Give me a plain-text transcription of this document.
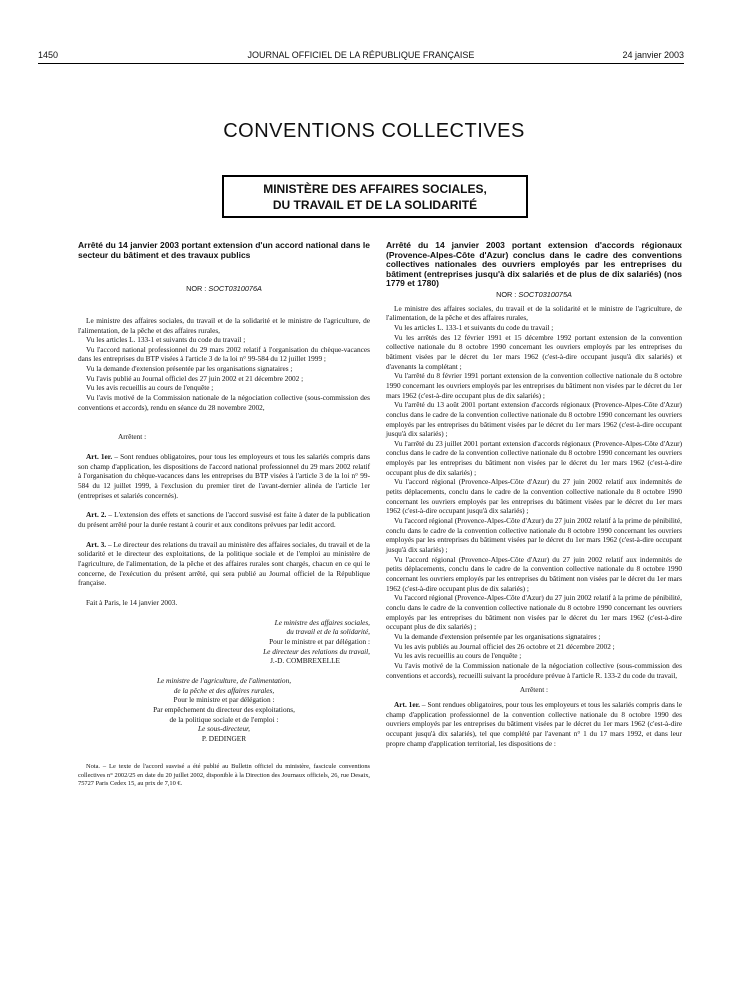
1450	JOURNAL OFFICIEL DE LA RÉPUBLIQUE FRANÇAISE	24 janvier 2003
CONVENTIONS COLLECTIVES
MINISTÈRE DES AFFAIRES SOCIALES,
DU TRAVAIL ET DE LA SOLIDARITÉ
Arrêté du 14 janvier 2003 portant extension d'un accord national dans le secteur du bâtiment et des travaux publics
NOR : SOCT0310076A

Le ministre des affaires sociales, du travail et de la solidarité et le ministre de l'agriculture, de l'alimentation, de la pêche et des affaires rurales,

Vu les articles L. 133-1 et suivants du code du travail ;

Vu l'accord national professionnel du 29 mars 2002 relatif à l'organisation du chèque-vacances dans les entreprises du BTP visées à l'article 3 de la loi n° 99-584 du 12 juillet 1999 ;

Vu la demande d'extension présentée par les organisations signataires ;

Vu l'avis publié au Journal officiel des 27 juin 2002 et 21 décembre 2002 ;

Vu les avis recueillis au cours de l'enquête ;

Vu l'avis motivé de la Commission nationale de la négociation collective (sous-commission des conventions et accords), rendu en séance du 28 novembre 2002,

Arrêtent :

Art. 1er. – Sont rendues obligatoires, pour tous les employeurs et tous les salariés compris dans son champ d'application, les dispositions de l'accord national professionnel du 29 mars 2002 relatif à l'organisation du chèque-vacances dans les entreprises du BTP visées à l'article 3 de la loi n° 99-584 du 12 juillet 1999, à l'exclusion du premier tiret de l'avant-dernier alinéa de l'article 1er (entreprises et salariés concernés).

Art. 2. – L'extension des effets et sanctions de l'accord susvisé est faite à dater de la publication du présent arrêté pour la durée restant à courir et aux conditons prévues par ledit accord.

Art. 3. – Le directeur des relations du travail au ministère des affaires sociales, du travail et de la solidarité et le directeur des exploitations, de la politique sociale et de l'emploi au ministère de l'agriculture, de l'alimentation, de la pêche et des affaires rurales sont chargés, chacun en ce qui le concerne, de l'exécution du présent arrêté, qui sera publié au Journal officiel de la République française.

Fait à Paris, le 14 janvier 2003.

Le ministre des affaires sociales,

du travail et de la solidarité,

Pour le ministre et par délégation :

Le directeur des relations du travail,

J.-D. COMBREXELLE

Le ministre de l'agriculture, de l'alimentation,

de la pêche et des affaires rurales,

Pour le ministre et par délégation :

Par empêchement du directeur des exploitations,

de la politique sociale et de l'emploi :

Le sous-directeur,

P. DEDINGER

Nota. – Le texte de l'accord susvisé a été publié au Bulletin officiel du ministère, fascicule conventions collectives n° 2002/25 en date du 20 juillet 2002, disponible à la Direction des Journaux officiels, 26, rue Desaix, 75727 Paris Cedex 15, au prix de 7,10 €.

Arrêté du 14 janvier 2003 portant extension d'accords régionaux (Provence-Alpes-Côte d'Azur) conclus dans le cadre des conventions collectives nationales des ouvriers employés par les entreprises du bâtiment (entreprises jusqu'à dix salariés et de plus de dix salariés) (nos 1779 et 1780)
NOR : SOCT0310075A

Le ministre des affaires sociales, du travail et de la solidarité et le ministre de l'agriculture, de l'alimentation, de la pêche et des affaires rurales,

Vu les articles L. 133-1 et suivants du code du travail ;

Vu les arrêtés des 12 février 1991 et 15 décembre 1992 portant extension de la convention collective nationale du 8 octobre 1990 concernant les ouvriers employés par les entreprises du bâtiment visées par le décret du 1er mars 1962 (c'est-à-dire occupant jusqu'à dix salariés) et d'avenants la complétant ;

Vu l'arrêté du 8 février 1991 portant extension de la convention collective nationale du 8 octobre 1990 concernant les ouvriers employés par les entreprises du bâtiment non visées par le décret du 1er mars 1962 (c'est-à-dire occupant plus de dix salariés) ;

Vu l'arrêté du 13 août 2001 portant extension d'accords régionaux (Provence-Alpes-Côte d'Azur) conclus dans le cadre de la convention collective nationale du 8 octobre 1990 concernant les ouvriers employés par les entreprises du bâtiment visées par le décret du 1er mars 1962 (c'est-à-dire occupant jusqu'à dix salariés) ;

Vu l'arrêté du 23 juillet 2001 portant extension d'accords régionaux (Provence-Alpes-Côte d'Azur) conclus dans le cadre de la convention collective nationale du 8 octobre 1990 concernant les ouvriers employés par les entreprises du bâtiment non visées par le décret du 1er mars 1962 (c'est-à-dire occupant plus de dix salariés) ;

Vu l'accord régional (Provence-Alpes-Côte d'Azur) du 27 juin 2002 relatif aux indemnités de petits déplacements, conclu dans le cadre de la convention collective nationale du 8 octobre 1990 concernant les ouvriers employés par les entreprises du bâtiment visées par le décret du 1er mars 1962 (c'est-à-dire occupant jusqu'à dix salariés) ;

Vu l'accord régional (Provence-Alpes-Côte d'Azur) du 27 juin 2002 relatif à la prime de pénibilité, conclu dans le cadre de la convention collective nationale du 8 octobre 1990 concernant les ouvriers employés par les entreprises du bâtiment visées par le décret du 1er mars 1962 (c'est-à-dire occupant jusqu'à dix salariés) ;

Vu l'accord régional (Provence-Alpes-Côte d'Azur) du 27 juin 2002 relatif aux indemnités de petits déplacements, conclu dans le cadre de la convention collective nationale du 8 octobre 1990 concernant les ouvriers employés par les entreprises du bâtiment non visées par le décret du 1er mars 1962 (c'est-à-dire occupant plus de dix salariés) ;

Vu l'accord régional (Provence-Alpes-Côte d'Azur) du 27 juin 2002 relatif à la prime de pénibilité, conclu dans le cadre de la convention collective nationale du 8 octobre 1990 concernant les ouvriers employés par les entreprises du bâtiment non visées par le décret du 1er mars 1962 (c'est-à-dire occupant plus de dix salariés) ;

Vu la demande d'extension présentée par les organisations signataires ;

Vu les avis publiés au Journal officiel des 26 octobre et 21 décembre 2002 ;

Vu les avis recueillis au cours de l'enquête ;

Vu l'avis motivé de la Commission nationale de la négociation collective (sous-commission des conventions et accords), recueilli suivant la procédure prévue à l'article R. 133-2 du code du travail,

Arrêtent :

Art. 1er. – Sont rendues obligatoires, pour tous les employeurs et tous les salariés compris dans le champ d'application professionnel de la convention collective nationale du 8 octobre 1990 des ouvriers employés par les entreprises du bâtiment visées par le décret du 1er mars 1962 (c'est-à-dire occupant jusqu'à dix salariés), tel que complété par l'avenant n° 1 du 17 mars 1992, et dans leur propre champ d'application territorial, les dispositions de :
